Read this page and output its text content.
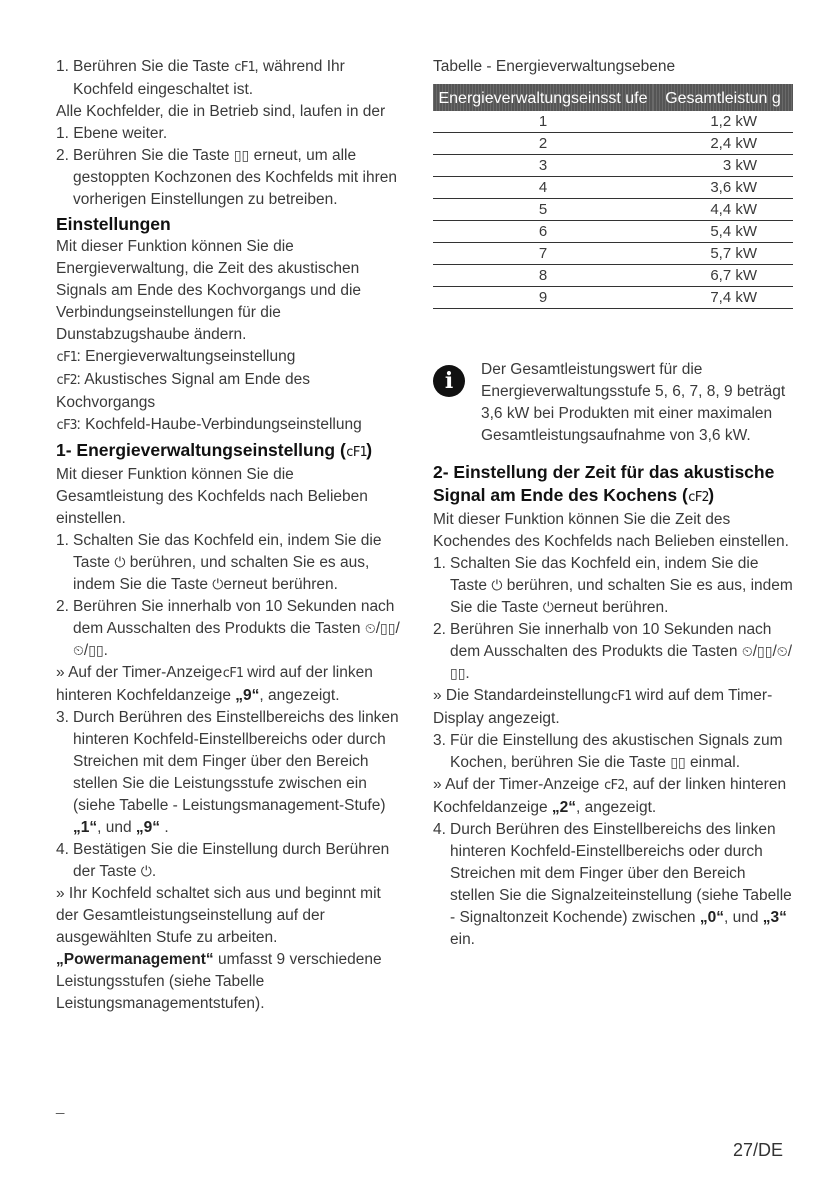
1. Berühren Sie die Taste cF1, während Ihr Kochfeld eingeschaltet ist.

Alle Kochfelder, die in Betrieb sind, laufen in der 1. Ebene weiter.

2. Berühren Sie die Taste ▯▯ erneut, um alle gestoppten Kochzonen des Kochfelds mit ihren vorherigen Einstellungen zu betreiben.

Einstellungen

Mit dieser Funktion können Sie die Energieverwaltung, die Zeit des akustischen Signals am Ende des Kochvorgangs und die Verbindungseinstellungen für die Dunstabzugshaube ändern.

cF1: Energieverwaltungseinstellung

cF2: Akustisches Signal am Ende des Kochvorgangs

cF3: Kochfeld-Haube-Verbindungseinstellung

1- Energieverwaltungseinstellung (cF1)

Mit dieser Funktion können Sie die Gesamtleistung des Kochfelds nach Belieben einstellen.

1. Schalten Sie das Kochfeld ein, indem Sie die Taste ⏻ berühren, und schalten Sie es aus, indem Sie die Taste ⏻erneut berühren.

2. Berühren Sie innerhalb von 10 Sekunden nach dem Ausschalten des Produkts die Tasten ⏲/▯▯/⏲/▯▯.

» Auf der Timer-AnzeigecF1 wird auf der linken hinteren Kochfeldanzeige „9“, angezeigt.

3. Durch Berühren des Einstellbereichs des linken hinteren Kochfeld-Einstellbereichs oder durch Streichen mit dem Finger über den Bereich stellen Sie die Leistungsstufe zwischen ein (siehe Tabelle - Leistungsmanagement-Stufe) „1“, und „9“ .

4. Bestätigen Sie die Einstellung durch Berühren der Taste ⏻.

» Ihr Kochfeld schaltet sich aus und beginnt mit der Gesamtleistungseinstellung auf der ausgewählten Stufe zu arbeiten.

„Powermanagement“ umfasst 9 verschiedene Leistungsstufen (siehe Tabelle Leistungsmanagementstufen).

_

Tabelle - Energieverwaltungsebene

Energieverwaltungseinsst ufe	Gesamtleistun g
1	1,2 kW
2	2,4 kW
3	3 kW
4	3,6 kW
5	4,4 kW
6	5,4 kW
7	5,7 kW
8	6,7 kW
9	7,4 kW
i	Der Gesamtleistungswert für die Energieverwaltungsstufe 5, 6, 7, 8, 9 beträgt 3,6 kW bei Produkten mit einer maximalen Gesamtleistungsaufnahme von 3,6 kW.

2- Einstellung der Zeit für das akustische Signal am Ende des Kochens (cF2)

Mit dieser Funktion können Sie die Zeit des Kochendes des Kochfelds nach Belieben einstellen.

1. Schalten Sie das Kochfeld ein, indem Sie die Taste ⏻ berühren, und schalten Sie es aus, indem Sie die Taste ⏻erneut berühren.

2. Berühren Sie innerhalb von 10 Sekunden nach dem Ausschalten des Produkts die Tasten ⏲/▯▯/⏲/▯▯.

» Die StandardeinstellungcF1 wird auf dem Timer-Display angezeigt.

3. Für die Einstellung des akustischen Signals zum Kochen, berühren Sie die Taste ▯▯ einmal.

» Auf der Timer-Anzeige cF2, auf der linken hinteren Kochfeldanzeige „2“, angezeigt.

4. Durch Berühren des Einstellbereichs des linken hinteren Kochfeld-Einstellbereichs oder durch Streichen mit dem Finger über den Bereich stellen Sie die Signalzeiteinstellung (siehe Tabelle - Signaltonzeit Kochende) zwischen „0“, und „3“ ein.

27/DE
